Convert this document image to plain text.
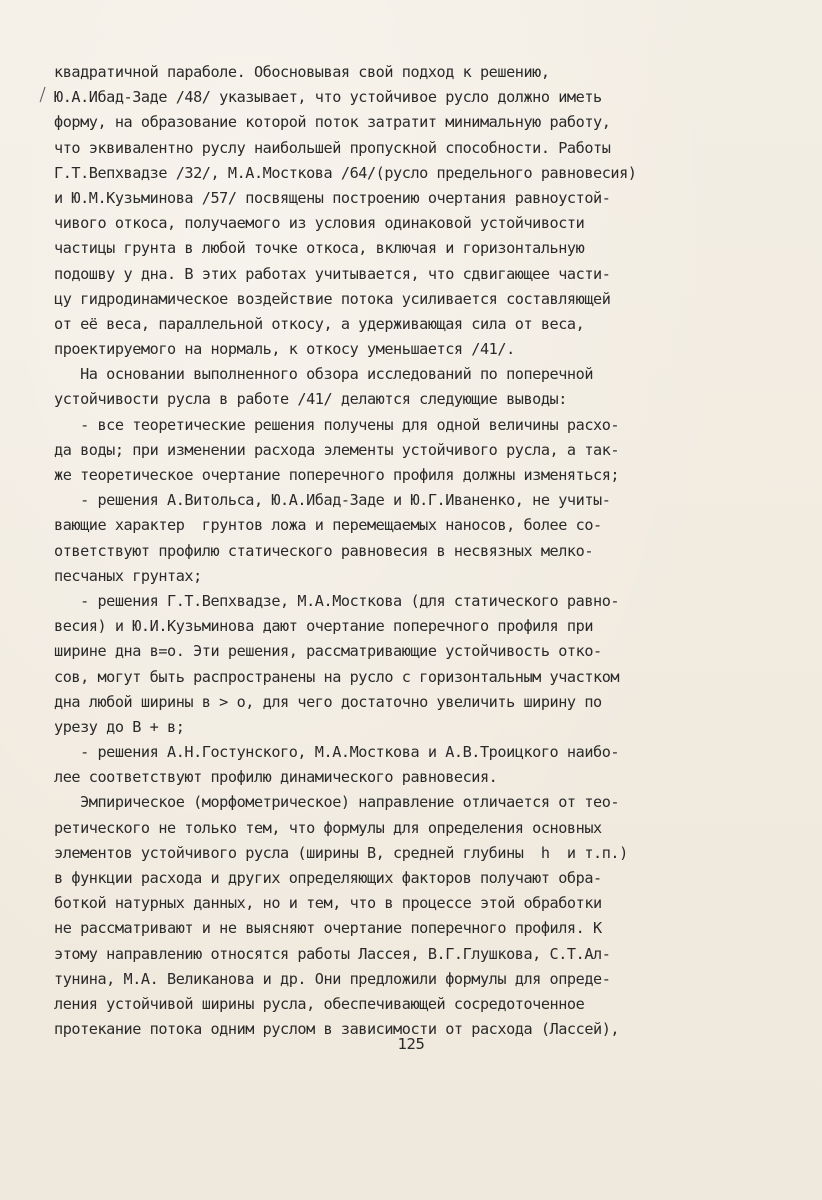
квадратичной параболе. Обосновывая свой подход к решению,
Ю.А.Ибад-Заде /48/ указывает, что устойчивое русло должно иметь
форму, на образование которой поток затратит минимальную работу,
что эквивалентно руслу наибольшей пропускной способности. Работы
Г.Т.Вепхвадзе /32/, М.А.Мосткова /64/(русло предельного равновесия)
и Ю.М.Кузьминова /57/ посвящены построению очертания равноустой-
чивого откоса, получаемого из условия одинаковой устойчивости
частицы грунта в любой точке откоса, включая и горизонтальную
подошву у дна. В этих работах учитывается, что сдвигающее части-
цу гидродинамическое воздействие потока усиливается составляющей
от её веса, параллельной откосу, а удерживающая сила от веса,
проектируемого на нормаль, к откосу уменьшается /41/.
На основании выполненного обзора исследований по поперечной
устойчивости русла в работе /41/ делаются следующие выводы:
- все теоретические решения получены для одной величины расхо-
да воды; при изменении расхода элементы устойчивого русла, а так-
же теоретическое очертание поперечного профиля должны изменяться;
- решения А.Витольса, Ю.А.Ибад-Заде и Ю.Г.Иваненко, не учиты-
вающие характер  грунтов ложа и перемещаемых наносов, более со-
ответствуют профилю статического равновесия в несвязных мелко-
песчаных грунтах;
- решения Г.Т.Вепхвадзе, М.А.Мосткова (для статического равно-
весия) и Ю.И.Кузьминова дают очертание поперечного профиля при
ширине дна в=о. Эти решения, рассматривающие устойчивость отко-
сов, могут быть распространены на русло с горизонтальным участком
дна любой ширины в > о, для чего достаточно увеличить ширину по
урезу до В + в;
- решения А.Н.Гостунского, М.А.Мосткова и А.В.Троицкого наибо-
лее соответствуют профилю динамического равновесия.
Эмпирическое (морфометрическое) направление отличается от тео-
ретического не только тем, что формулы для определения основных
элементов устойчивого русла (ширины В, средней глубины  h  и т.п.)
в функции расхода и других определяющих факторов получают обра-
боткой натурных данных, но и тем, что в процессе этой обработки
не рассматривают и не выясняют очертание поперечного профиля. К
этому направлению относятся работы Лассея, В.Г.Глушкова, С.Т.Ал-
тунина, М.А. Великанова и др. Они предложили формулы для опреде-
ления устойчивой ширины русла, обеспечивающей сосредоточенное
протекание потока одним руслом в зависимости от расхода (Лассей),
125
